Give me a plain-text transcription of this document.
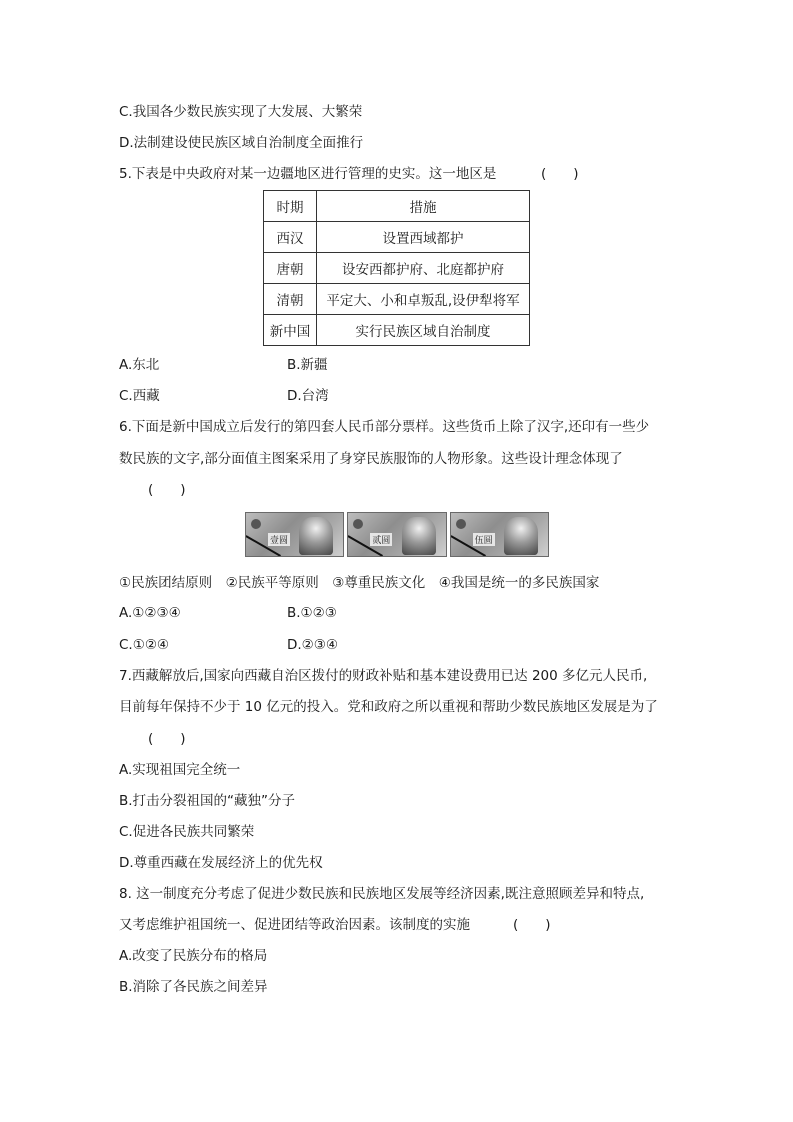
C.我国各少数民族实现了大发展、大繁荣
D.法制建设使民族区域自治制度全面推行
5.下表是中央政府对某一边疆地区进行管理的史实。这一地区是	(　　)
时期	措施
西汉	设置西域都护
唐朝	设安西都护府、北庭都护府
清朝	平定大、小和卓叛乱,设伊犁将军
新中国	实行民族区域自治制度
A.东北	B.新疆
C.西藏	D.台湾
6.下面是新中国成立后发行的第四套人民币部分票样。这些货币上除了汉字,还印有一些少
数民族的文字,部分面值主图案采用了身穿民族服饰的人物形象。这些设计理念体现了
(　　)
壹圆	贰圆	伍圆
①民族团结原则　②民族平等原则　③尊重民族文化　④我国是统一的多民族国家
A.①②③④	B.①②③
C.①②④	D.②③④
7.西藏解放后,国家向西藏自治区拨付的财政补贴和基本建设费用已达 200 多亿元人民币,
目前每年保持不少于 10 亿元的投入。党和政府之所以重视和帮助少数民族地区发展是为了
(　　)
A.实现祖国完全统一
B.打击分裂祖国的“藏独”分子
C.促进各民族共同繁荣
D.尊重西藏在发展经济上的优先权
8. 这一制度充分考虑了促进少数民族和民族地区发展等经济因素,既注意照顾差异和特点,
又考虑维护祖国统一、促进团结等政治因素。该制度的实施	(　　)
A.改变了民族分布的格局
B.消除了各民族之间差异
